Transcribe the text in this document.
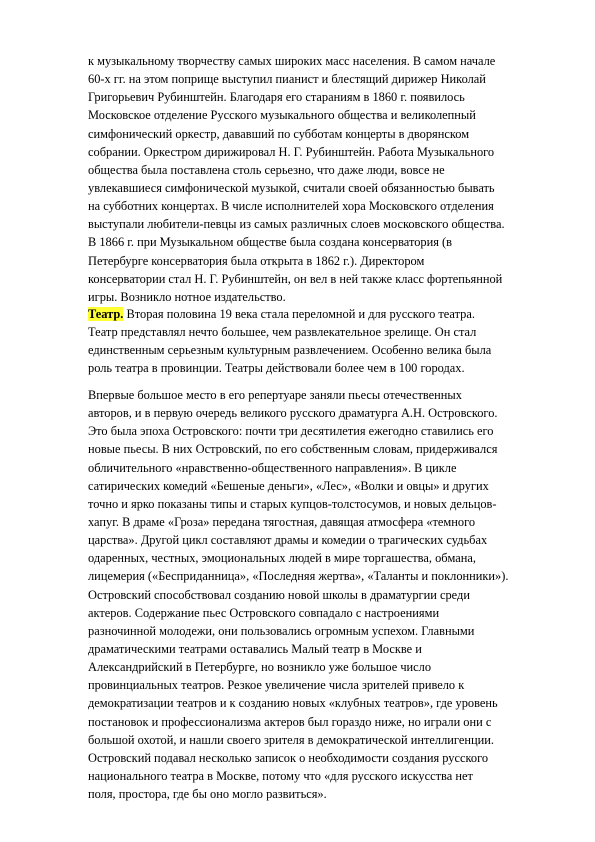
к музыкальному творчеству самых широких масс населения. В самом начале
60-х гг. на этом поприще выступил пианист и блестящий дирижер Николай
Григорьевич Рубинштейн. Благодаря его стараниям в 1860 г. появилось
Московское отделение Русского музыкального общества и великолепный
симфонический оркестр, дававший по субботам концерты в дворянском
собрании. Оркестром дирижировал Н. Г. Рубинштейн. Работа Музыкального
общества была поставлена столь серьезно, что даже люди, вовсе не
увлекавшиеся симфонической музыкой, считали своей обязанностью бывать
на субботних концертах. В числе исполнителей хора Московского отделения
выступали любители-певцы из самых различных слоев московского общества.
В 1866 г. при Музыкальном обществе была создана консерватория (в
Петербурге консерватория была открыта в 1862 г.). Директором
консерватории стал Н. Г. Рубинштейн, он вел в ней также класс фортепьянной
игры. Возникло нотное издательство.
Театр. Вторая половина 19 века стала переломной и для русского театра.
Театр представлял нечто большее, чем развлекательное зрелище. Он стал
единственным серьезным культурным развлечением. Особенно велика была
роль театра в провинции. Театры действовали более чем в 100 городах.
Впервые большое место в его репертуаре заняли пьесы отечественных
авторов, и в первую очередь великого русского драматурга А.Н. Островского.
Это была эпоха Островского: почти три десятилетия ежегодно ставились его
новые пьесы. В них Островский, по его собственным словам, придерживался
обличительного «нравственно-общественного направления». В цикле
сатирических комедий «Бешеные деньги», «Лес», «Волки и овцы» и других
точно и ярко показаны типы и старых купцов-толстосумов, и новых дельцов-
хапуг. В драме «Гроза» передана тягостная, давящая атмосфера «темного
царства». Другой цикл составляют драмы и комедии о трагических судьбах
одаренных, честных, эмоциональных людей в мире торгашества, обмана,
лицемерия («Бесприданница», «Последняя жертва», «Таланты и поклонники»).
Островский способствовал созданию новой школы в драматургии среди
актеров. Содержание пьес Островского совпадало с настроениями
разночинной молодежи, они пользовались огромным успехом. Главными
драматическими театрами оставались Малый театр в Москве и
Александрийский в Петербурге, но возникло уже большое число
провинциальных театров. Резкое увеличение числа зрителей привело к
демократизации театров и к созданию новых «клубных театров», где уровень
постановок и профессионализма актеров был гораздо ниже, но играли они с
большой охотой, и нашли своего зрителя в демократической интеллигенции.
Островский подавал несколько записок о необходимости создания русского
национального театра в Москве, потому что «для русского искусства нет
поля, простора, где бы оно могло развиться».
